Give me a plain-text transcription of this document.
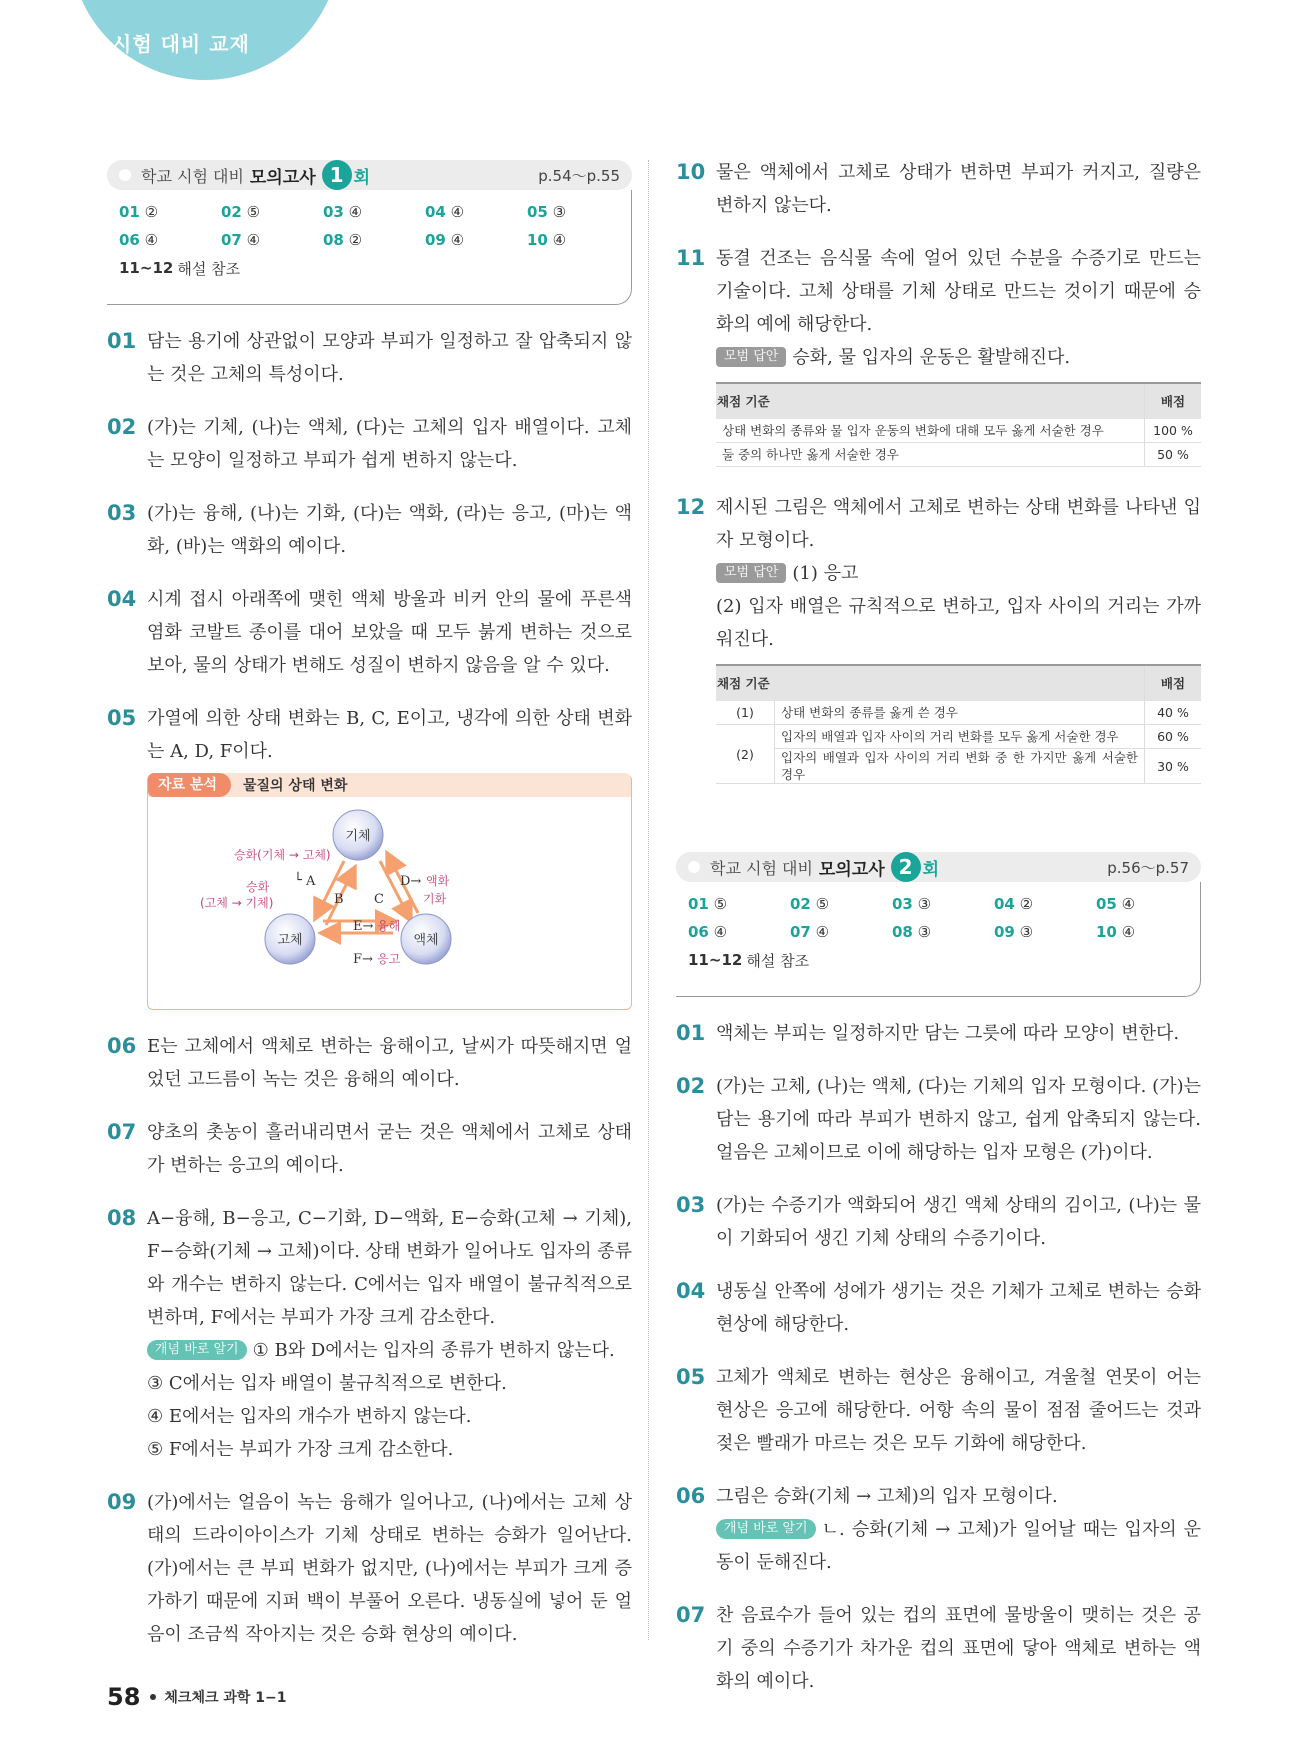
시험 대비 교재
학교 시험 대비 모의고사 1 회	p.54～p.55
01 ②	02 ⑤	03 ④	04 ④	05 ③
06 ④	07 ④	08 ②	09 ④	10 ④
11~12 해설 참조
01 담는 용기에 상관없이 모양과 부피가 일정하고 잘 압축되지 않는 것은 고체의 특성이다.
02 (가)는 기체, (나)는 액체, (다)는 고체의 입자 배열이다. 고체는 모양이 일정하고 부피가 쉽게 변하지 않는다.
03 (가)는 융해, (나)는 기화, (다)는 액화, (라)는 응고, (마)는 액화, (바)는 액화의 예이다.
04 시계 접시 아래쪽에 맺힌 액체 방울과 비커 안의 물에 푸른색 염화 코발트 종이를 대어 보았을 때 모두 붉게 변하는 것으로 보아, 물의 상태가 변해도 성질이 변하지 않음을 알 수 있다.
05 가열에 의한 상태 변화는 B, C, E이고, 냉각에 의한 상태 변화는 A, D, F이다.
자료 분석	물질의 상태 변화
기체
고체	액체
승화(기체 → 고체)
└ A
승화
(고체 → 기체)	B C	기화
D→ 액화
E→ 융해
F→ 응고
06 E는 고체에서 액체로 변하는 융해이고, 날씨가 따뜻해지면 얼었던 고드름이 녹는 것은 융해의 예이다.
07 양초의 촛농이 흘러내리면서 굳는 것은 액체에서 고체로 상태가 변하는 응고의 예이다.
08 A−융해, B−응고, C−기화, D−액화, E−승화(고체 → 기체), F−승화(기체 → 고체)이다. 상태 변화가 일어나도 입자의 종류와 개수는 변하지 않는다. C에서는 입자 배열이 불규칙적으로 변하며, F에서는 부피가 가장 크게 감소한다.
개념 바로 알기 ① B와 D에서는 입자의 종류가 변하지 않는다.
③ C에서는 입자 배열이 불규칙적으로 변한다.
④ E에서는 입자의 개수가 변하지 않는다.
⑤ F에서는 부피가 가장 크게 감소한다.
09 (가)에서는 얼음이 녹는 융해가 일어나고, (나)에서는 고체 상태의 드라이아이스가 기체 상태로 변하는 승화가 일어난다. (가)에서는 큰 부피 변화가 없지만, (나)에서는 부피가 크게 증가하기 때문에 지퍼 백이 부풀어 오른다. 냉동실에 넣어 둔 얼음이 조금씩 작아지는 것은 승화 현상의 예이다.
10 물은 액체에서 고체로 상태가 변하면 부피가 커지고, 질량은 변하지 않는다.
11 동결 건조는 음식물 속에 얼어 있던 수분을 수증기로 만드는 기술이다. 고체 상태를 기체 상태로 만드는 것이기 때문에 승화의 예에 해당한다.
모범 답안 승화, 물 입자의 운동은 활발해진다.
채점 기준	배점
상태 변화의 종류와 물 입자 운동의 변화에 대해 모두 옳게 서술한 경우	100 %
둘 중의 하나만 옳게 서술한 경우	50 %
12 제시된 그림은 액체에서 고체로 변하는 상태 변화를 나타낸 입자 모형이다.
모범 답안 (1) 응고
(2) 입자 배열은 규칙적으로 변하고, 입자 사이의 거리는 가까워진다.
채점 기준		배점
(1)	상태 변화의 종류를 옳게 쓴 경우	40 %
(2)	입자의 배열과 입자 사이의 거리 변화를 모두 옳게 서술한 경우	60 %
	입자의 배열과 입자 사이의 거리 변화 중 한 가지만 옳게 서술한 경우	30 %
학교 시험 대비 모의고사 2 회	p.56～p.57
01 ⑤	02 ⑤	03 ③	04 ②	05 ④
06 ④	07 ④	08 ③	09 ③	10 ④
11~12 해설 참조
01 액체는 부피는 일정하지만 담는 그릇에 따라 모양이 변한다.
02 (가)는 고체, (나)는 액체, (다)는 기체의 입자 모형이다. (가)는 담는 용기에 따라 부피가 변하지 않고, 쉽게 압축되지 않는다. 얼음은 고체이므로 이에 해당하는 입자 모형은 (가)이다.
03 (가)는 수증기가 액화되어 생긴 액체 상태의 김이고, (나)는 물이 기화되어 생긴 기체 상태의 수증기이다.
04 냉동실 안쪽에 성에가 생기는 것은 기체가 고체로 변하는 승화 현상에 해당한다.
05 고체가 액체로 변하는 현상은 융해이고, 겨울철 연못이 어는 현상은 응고에 해당한다. 어항 속의 물이 점점 줄어드는 것과 젖은 빨래가 마르는 것은 모두 기화에 해당한다.
06 그림은 승화(기체 → 고체)의 입자 모형이다.
개념 바로 알기 ㄴ. 승화(기체 → 고체)가 일어날 때는 입자의 운동이 둔해진다.
07 찬 음료수가 들어 있는 컵의 표면에 물방울이 맺히는 것은 공기 중의 수증기가 차가운 컵의 표면에 닿아 액체로 변하는 액화의 예이다.
58 체크체크 과학 1−1
